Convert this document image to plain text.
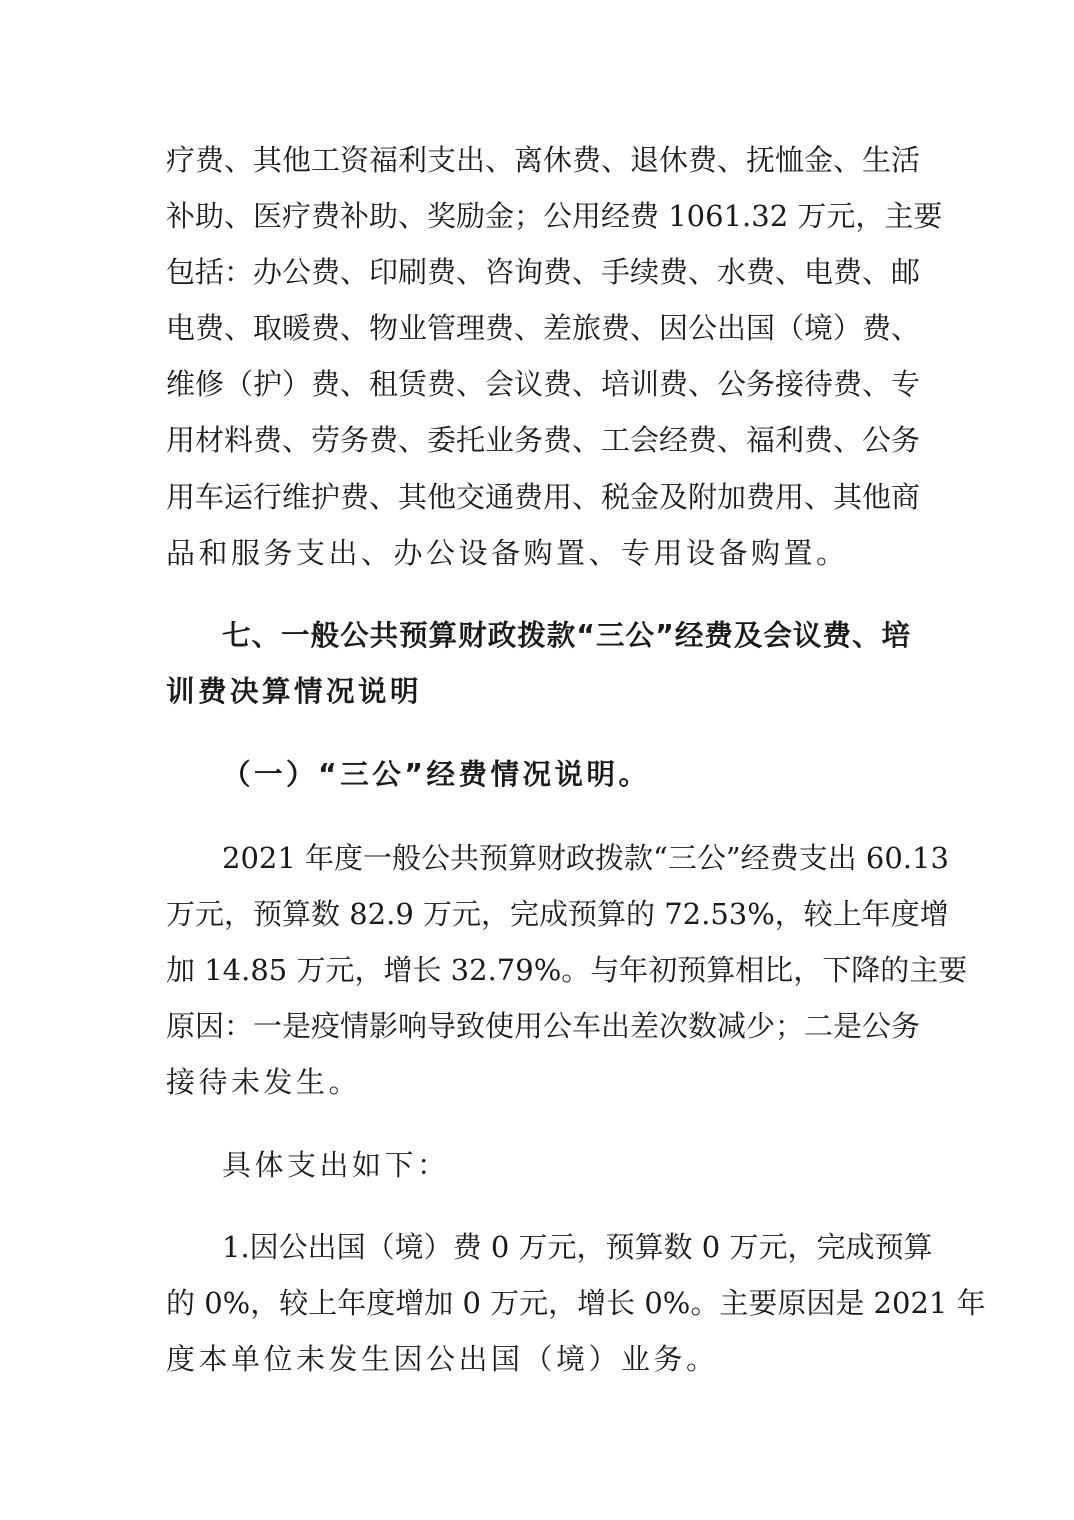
疗费、其他工资福利支出、离休费、退休费、抚恤金、生活
补助、医疗费补助、奖励金；公用经费 1061.32 万元，主要
包括：办公费、印刷费、咨询费、手续费、水费、电费、邮
电费、取暖费、物业管理费、差旅费、因公出国（境）费、
维修（护）费、租赁费、会议费、培训费、公务接待费、专
用材料费、劳务费、委托业务费、工会经费、福利费、公务
用车运行维护费、其他交通费用、税金及附加费用、其他商
品和服务支出、办公设备购置、专用设备购置。
七、一般公共预算财政拨款“三公”经费及会议费、培
训费决算情况说明
（一）“三公”经费情况说明。
2021 年度一般公共预算财政拨款“三公”经费支出 60.13
万元，预算数 82.9 万元，完成预算的 72.53%，较上年度增
加 14.85 万元，增长 32.79%。与年初预算相比，下降的主要
原因：一是疫情影响导致使用公车出差次数减少；二是公务
接待未发生。
具体支出如下：
1.因公出国（境）费 0 万元，预算数 0 万元，完成预算
的 0%，较上年度增加 0 万元，增长 0%。主要原因是 2021 年
度本单位未发生因公出国（境）业务。
